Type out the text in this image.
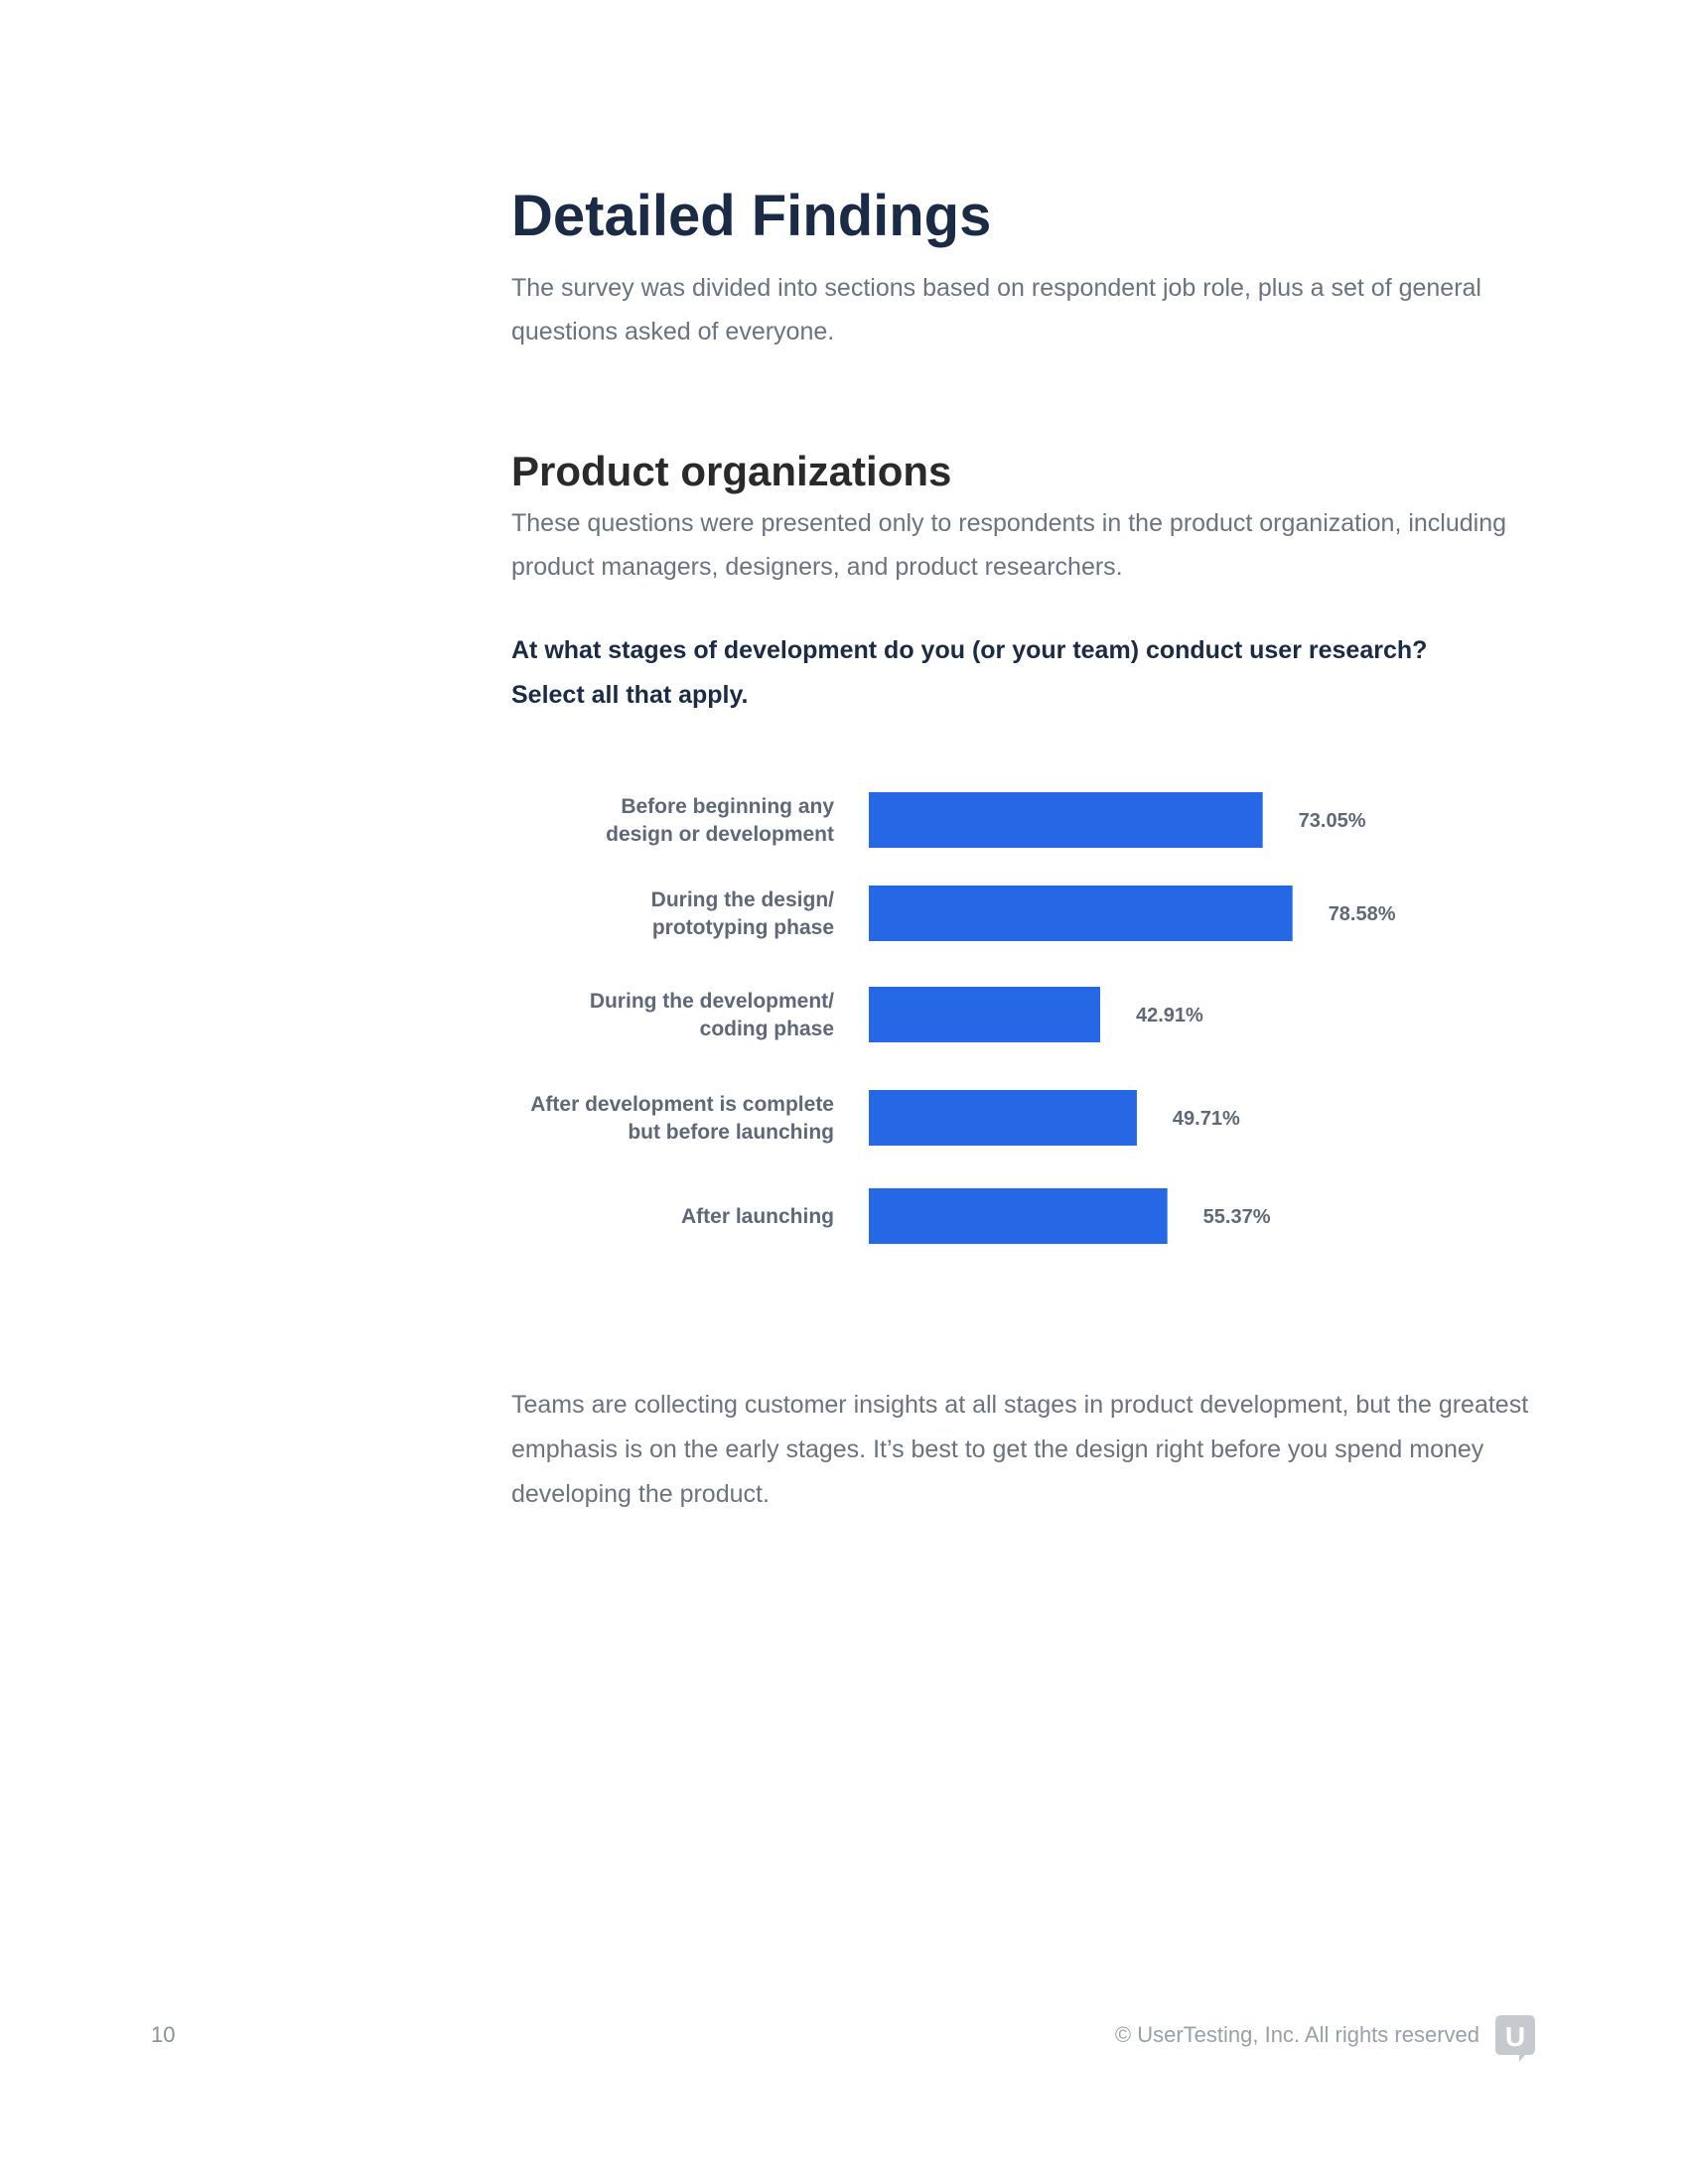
Detailed Findings

The survey was divided into sections based on respondent job role, plus a set of general questions asked of everyone.

Product organizations

These questions were presented only to respondents in the product organization, including product managers, designers, and product researchers.

At what stages of development do you (or your team) conduct user research?
Select all that apply.

Before beginning any design or development
73.05%
During the design/ prototyping phase
78.58%
During the development/ coding phase
42.91%
After development is complete but before launching
49.71%
After launching	55.37%

Teams are collecting customer insights at all stages in product development, but the greatest emphasis is on the early stages. It’s best to get the design right before you spend money developing the product.

10	© UserTesting, Inc. All rights reserved U
